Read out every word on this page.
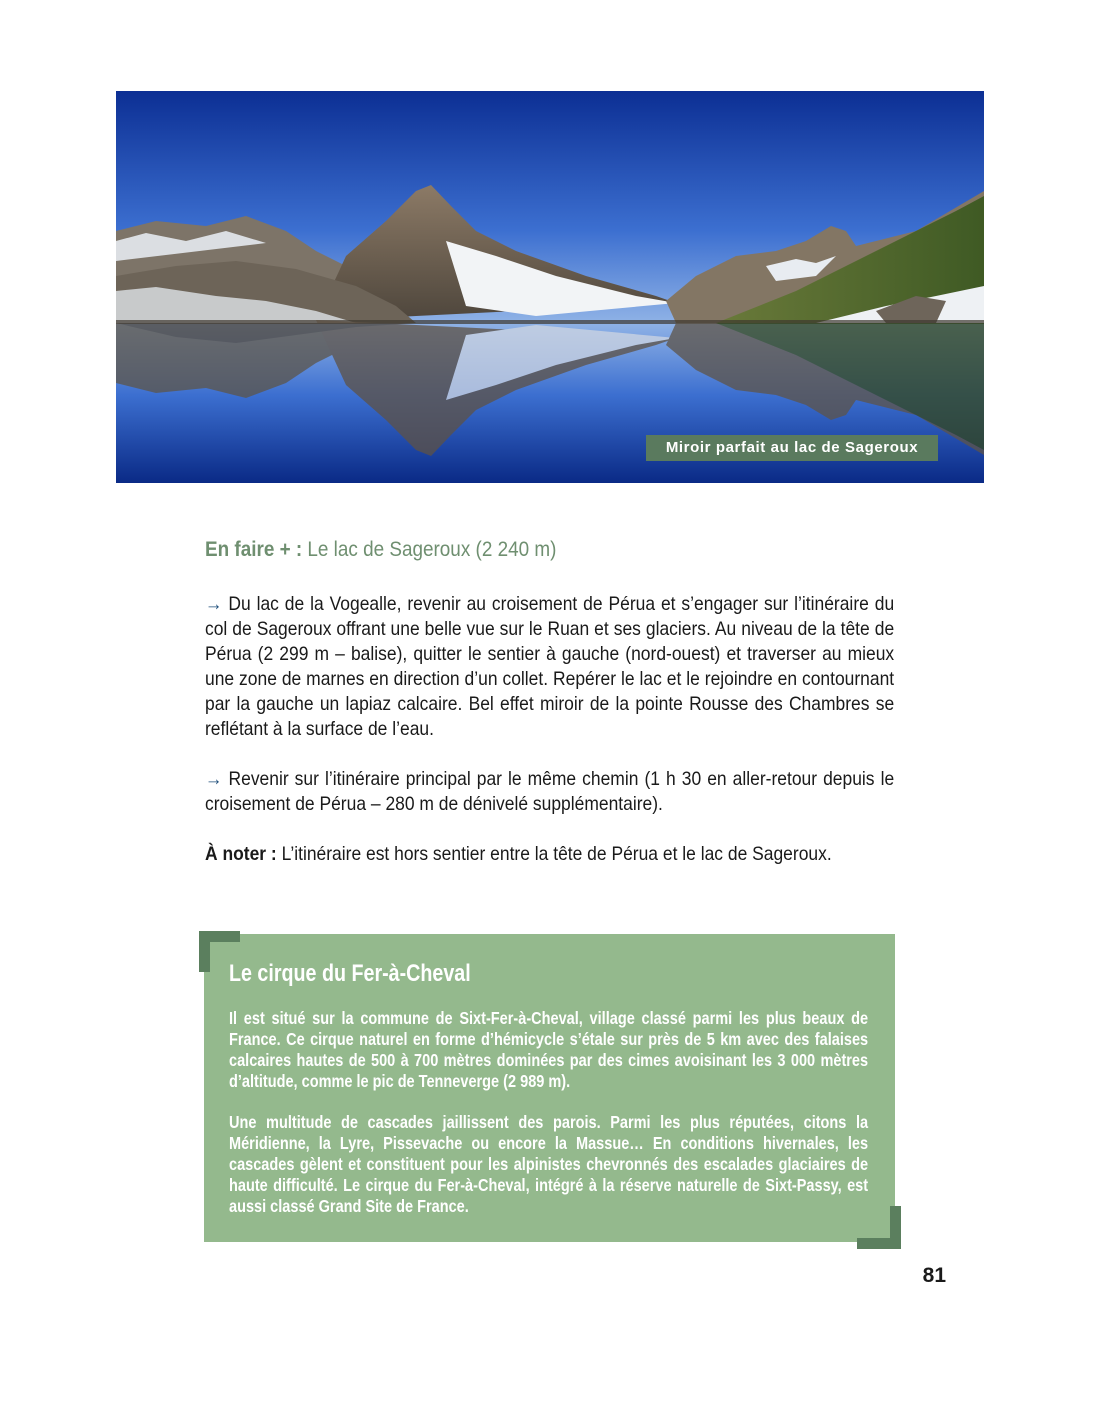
Miroir parfait au lac de Sageroux
En faire + : Le lac de Sageroux (2 240 m)
→ Du lac de la Vogealle, revenir au croisement de Pérua et s’engager sur l’itinéraire du col de Sageroux offrant une belle vue sur le Ruan et ses glaciers. Au niveau de la tête de Pérua (2 299 m – balise), quitter le sentier à gauche (nord-ouest) et traverser au mieux une zone de marnes en direction d’un collet. Repérer le lac et le rejoindre en contournant par la gauche un lapiaz calcaire. Bel effet miroir de la pointe Rousse des Chambres se reflétant à la surface de l’eau.
→ Revenir sur l’itinéraire principal par le même chemin (1 h 30 en aller-retour depuis le croisement de Pérua – 280 m de dénivelé supplémentaire).
À noter : L’itinéraire est hors sentier entre la tête de Pérua et le lac de Sageroux.
Le cirque du Fer-à-Cheval
Il est situé sur la commune de Sixt-Fer-à-Cheval, village classé parmi les plus beaux de France. Ce cirque naturel en forme d’hémicycle s’étale sur près de 5 km avec des falaises calcaires hautes de 500 à 700 mètres dominées par des cimes avoisinant les 3 000 mètres d’altitude, comme le pic de Tenneverge (2 989 m).
Une multitude de cascades jaillissent des parois. Parmi les plus réputées, citons la Méridienne, la Lyre, Pissevache ou encore la Massue… En conditions hivernales, les cascades gèlent et constituent pour les alpinistes chevronnés des escalades glaciaires de haute difficulté. Le cirque du Fer-à-Cheval, intégré à la réserve naturelle de Sixt-Passy, est aussi classé Grand Site de France.
81
